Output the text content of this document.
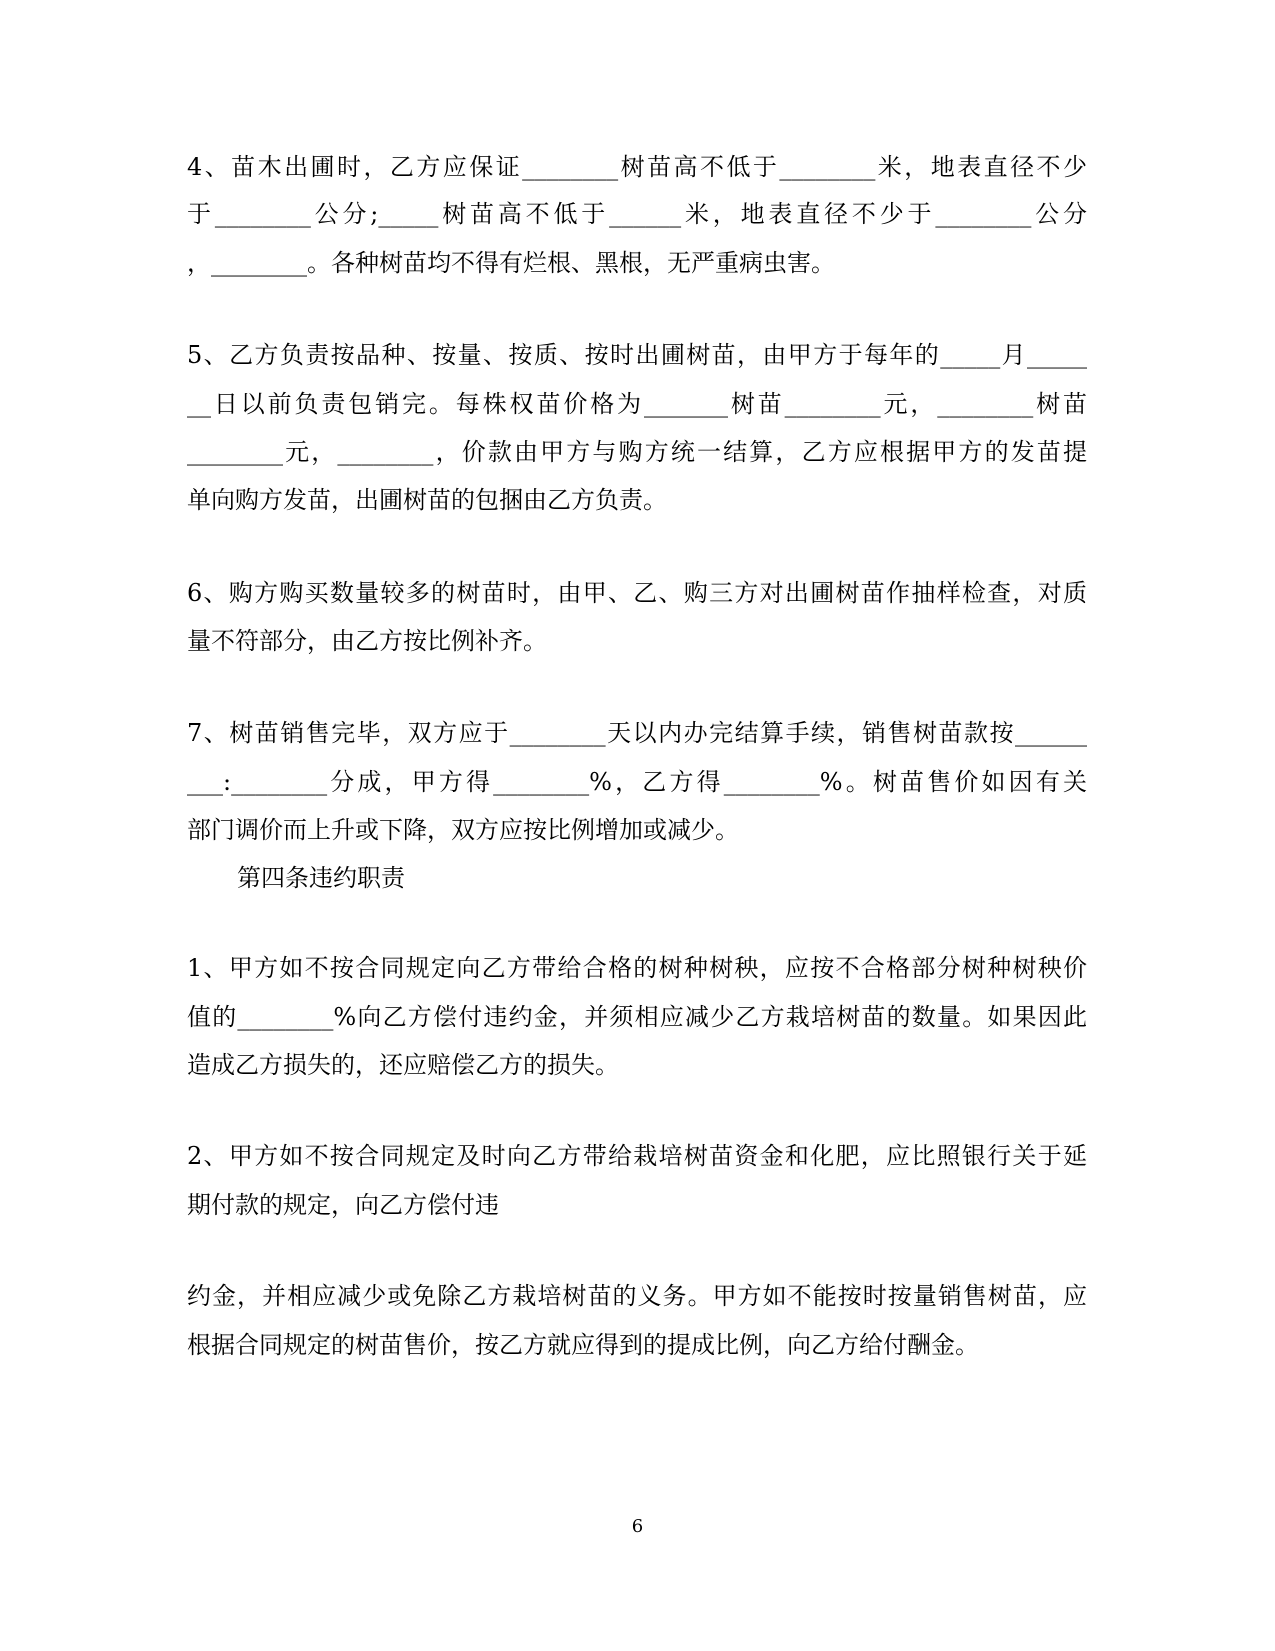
4、苗木出圃时，乙方应保证________树苗高不低于________米，地表直径不少
于________公分;_____树苗高不低于______米，地表直径不少于________公分
，________。各种树苗均不得有烂根、黑根，无严重病虫害。
5、乙方负责按品种、按量、按质、按时出圃树苗，由甲方于每年的_____月_____
__日以前负责包销完。每株权苗价格为_______树苗________元，________树苗
________元，________，价款由甲方与购方统一结算，乙方应根据甲方的发苗提
单向购方发苗，出圃树苗的包捆由乙方负责。
6、购方购买数量较多的树苗时，由甲、乙、购三方对出圃树苗作抽样检查，对质
量不符部分，由乙方按比例补齐。
7、树苗销售完毕，双方应于________天以内办完结算手续，销售树苗款按______
___:________分成，甲方得________%，乙方得________%。树苗售价如因有关
部门调价而上升或下降，双方应按比例增加或减少。
第四条违约职责
1、甲方如不按合同规定向乙方带给合格的树种树秧，应按不合格部分树种树秧价
值的________%向乙方偿付违约金，并须相应减少乙方栽培树苗的数量。如果因此
造成乙方损失的，还应赔偿乙方的损失。
2、甲方如不按合同规定及时向乙方带给栽培树苗资金和化肥，应比照银行关于延
期付款的规定，向乙方偿付违
约金，并相应减少或免除乙方栽培树苗的义务。甲方如不能按时按量销售树苗，应
根据合同规定的树苗售价，按乙方就应得到的提成比例，向乙方给付酬金。
6
